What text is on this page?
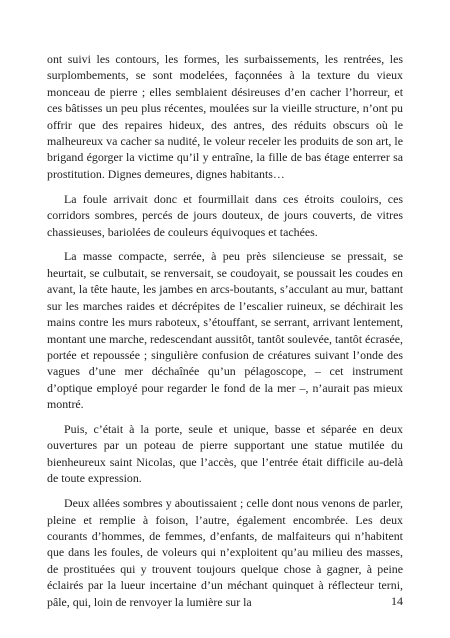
ont suivi les contours, les formes, les surbaissements, les rentrées, les surplombements, se sont modelées, façonnées à la texture du vieux monceau de pierre ; elles semblaient désireuses d’en cacher l’horreur, et ces bâtisses un peu plus récentes, moulées sur la vieille structure, n’ont pu offrir que des repaires hideux, des antres, des réduits obscurs où le malheureux va cacher sa nudité, le voleur receler les produits de son art, le brigand égorger la victime qu’il y entraîne, la fille de bas étage enterrer sa prostitution. Dignes demeures, dignes habitants…

La foule arrivait donc et fourmillait dans ces étroits couloirs, ces corridors sombres, percés de jours douteux, de jours couverts, de vitres chassieuses, bariolées de couleurs équivoques et tachées.

La masse compacte, serrée, à peu près silencieuse se pressait, se heurtait, se culbutait, se renversait, se coudoyait, se poussait les coudes en avant, la tête haute, les jambes en arcs-boutants, s’acculant au mur, battant sur les marches raides et décrépites de l’escalier ruineux, se déchirait les mains contre les murs raboteux, s’étouffant, se serrant, arrivant lentement, montant une marche, redescendant aussitôt, tantôt soulevée, tantôt écrasée, portée et repoussée ; singulière confusion de créatures suivant l’onde des vagues d’une mer déchaînée qu’un pélagoscope, – cet instrument d’optique employé pour regarder le fond de la mer –, n’aurait pas mieux montré.

Puis, c’était à la porte, seule et unique, basse et séparée en deux ouvertures par un poteau de pierre supportant une statue mutilée du bienheureux saint Nicolas, que l’accès, que l’entrée était difficile au-delà de toute expression.

Deux allées sombres y aboutissaient ; celle dont nous venons de parler, pleine et remplie à foison, l’autre, également encombrée. Les deux courants d’hommes, de femmes, d’enfants, de malfaiteurs qui n’habitent que dans les foules, de voleurs qui n’exploitent qu’au milieu des masses, de prostituées qui y trouvent toujours quelque chose à gagner, à peine éclairés par la lueur incertaine d’un méchant quinquet à réflecteur terni, pâle, qui, loin de renvoyer la lumière sur la	14
